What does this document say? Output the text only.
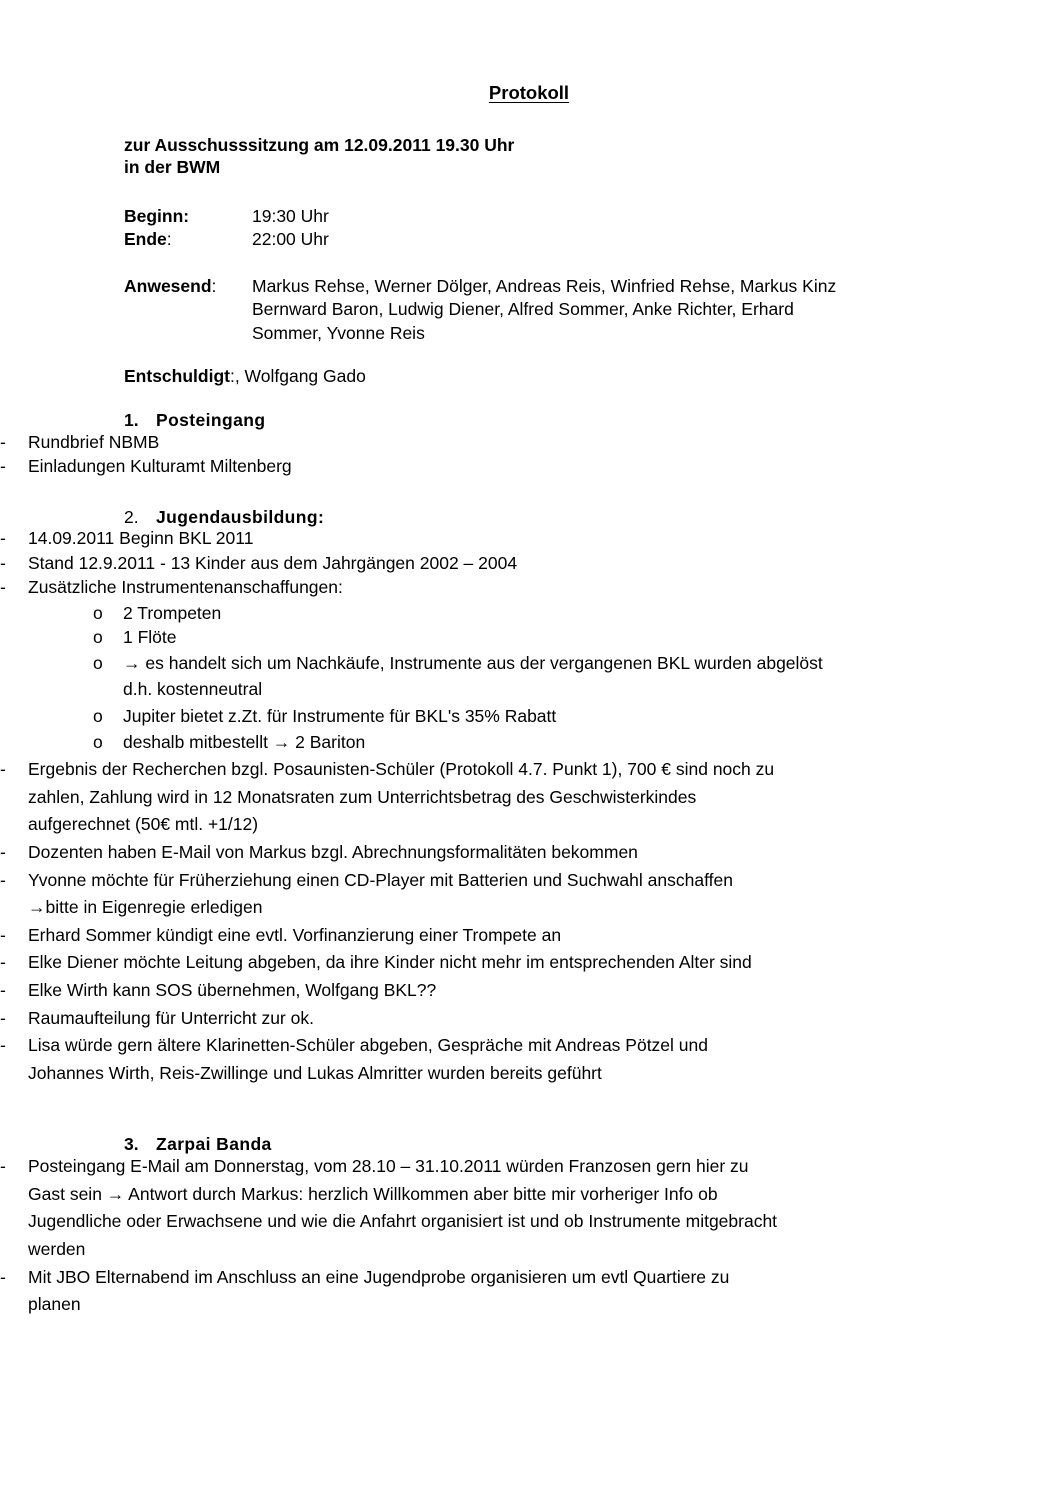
Protokoll
zur Ausschusssitzung am 12.09.2011 19.30 Uhr
in der BWM
Beginn:	19:30 Uhr
Ende:	22:00 Uhr
Anwesend:	Markus Rehse, Werner Dölger, Andreas Reis, Winfried Rehse, Markus Kinz
Bernward Baron, Ludwig Diener, Alfred Sommer, Anke Richter, Erhard
Sommer, Yvonne Reis
Entschuldigt:, Wolfgang Gado
1. Posteingang
- Rundbrief NBMB
- Einladungen Kulturamt Miltenberg
2. Jugendausbildung:
- 14.09.2011 Beginn BKL 2011
- Stand 12.9.2011 - 13 Kinder aus dem Jahrgängen 2002 – 2004
- Zusätzliche Instrumentenanschaffungen:
o 2 Trompeten
o 1 Flöte
o → es handelt sich um Nachkäufe, Instrumente aus der vergangenen BKL wurden abgelöst d.h. kostenneutral
o Jupiter bietet z.Zt. für Instrumente für BKL's 35% Rabatt
o deshalb mitbestellt → 2 Bariton
- Ergebnis der Recherchen bzgl. Posaunisten-Schüler (Protokoll 4.7. Punkt 1), 700 € sind noch zu zahlen, Zahlung wird in 12 Monatsraten zum Unterrichtsbetrag des Geschwisterkindes aufgerechnet (50€ mtl. +1/12)
- Dozenten haben E-Mail von Markus bzgl. Abrechnungsformalitäten bekommen
- Yvonne möchte für Früherziehung einen CD-Player mit Batterien und Suchwahl anschaffen →bitte in Eigenregie erledigen
- Erhard Sommer kündigt eine evtl. Vorfinanzierung einer Trompete an
- Elke Diener möchte Leitung abgeben, da ihre Kinder nicht mehr im entsprechenden Alter sind
- Elke Wirth kann SOS übernehmen, Wolfgang BKL??
- Raumaufteilung für Unterricht zur ok.
- Lisa würde gern ältere Klarinetten-Schüler abgeben, Gespräche mit Andreas Pötzel und Johannes Wirth, Reis-Zwillinge und Lukas Almritter wurden bereits geführt
3. Zarpai Banda
- Posteingang E-Mail am Donnerstag, vom 28.10 – 31.10.2011 würden Franzosen gern hier zu Gast sein → Antwort durch Markus: herzlich Willkommen aber bitte mir vorheriger Info ob Jugendliche oder Erwachsene und wie die Anfahrt organisiert ist und ob Instrumente mitgebracht werden
- Mit JBO Elternabend im Anschluss an eine Jugendprobe organisieren um evtl Quartiere zu planen
